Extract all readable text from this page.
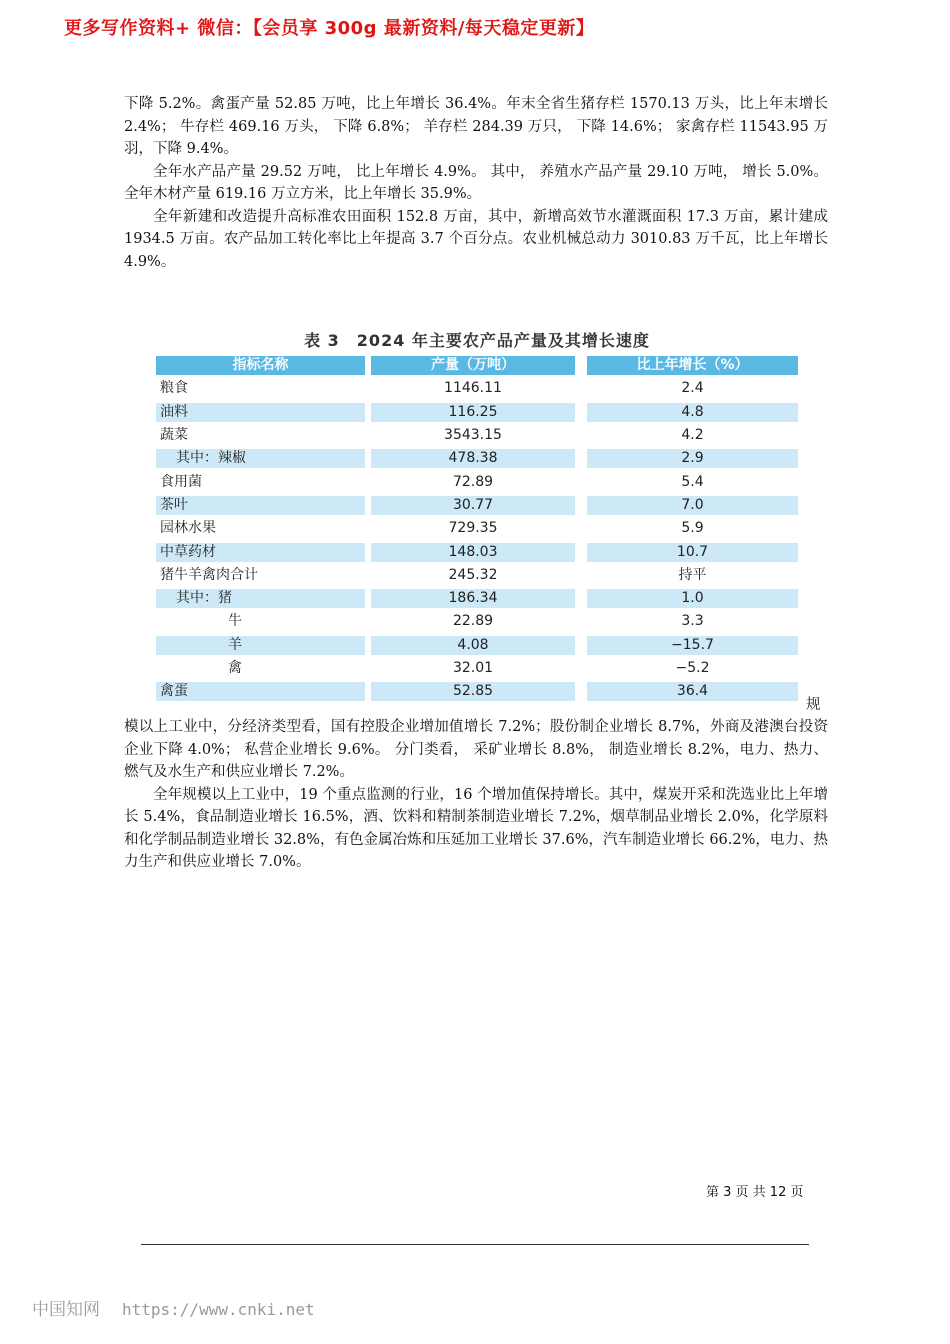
更多写作资料+ 微信：【会员享 300g 最新资料/每天稳定更新】

下降 5.2%。禽蛋产量 52.85 万吨，比上年增长 36.4%。年末全省生猪存栏 1570.13 万头，比上年末增长 2.4%； 牛存栏 469.16 万头， 下降 6.8%； 羊存栏 284.39 万只， 下降 14.6%； 家禽存栏 11543.95 万羽，下降 9.4%。

全年水产品产量 29.52 万吨， 比上年增长 4.9%。 其中， 养殖水产品产量 29.10 万吨， 增长 5.0%。全年木材产量 619.16 万立方米，比上年增长 35.9%。

全年新建和改造提升高标准农田面积 152.8 万亩，其中，新增高效节水灌溉面积 17.3 万亩，累计建成 1934.5 万亩。农产品加工转化率比上年提高 3.7 个百分点。农业机械总动力 3010.83 万千瓦，比上年增长 4.9%。

表 3　2024 年主要农产品产量及其增长速度
指标名称	产量（万吨）	比上年增长（%）
粮食	1146.11	2.4
油料	116.25	4.8
蔬菜	3543.15	4.2
其中：辣椒	478.38	2.9
食用菌	72.89	5.4
茶叶	30.77	7.0
园林水果	729.35	5.9
中草药材	148.03	10.7
猪牛羊禽肉合计	245.32	持平
其中：猪	186.34	1.0
牛	22.89	3.3
羊	4.08	−15.7
禽	32.01	−5.2
禽蛋	52.85	36.4
规

模以上工业中，分经济类型看，国有控股企业增加值增长 7.2%；股份制企业增长 8.7%，外商及港澳台投资企业下降 4.0%； 私营企业增长 9.6%。 分门类看， 采矿业增长 8.8%， 制造业增长 8.2%，电力、热力、燃气及水生产和供应业增长 7.2%。

全年规模以上工业中，19 个重点监测的行业，16 个增加值保持增长。其中，煤炭开采和洗选业比上年增长 5.4%，食品制造业增长 16.5%，酒、饮料和精制茶制造业增长 7.2%，烟草制品业增长 2.0%，化学原料和化学制品制造业增长 32.8%，有色金属冶炼和压延加工业增长 37.6%，汽车制造业增长 66.2%，电力、热力生产和供应业增长 7.0%。

第 3 页 共 12 页
中国知网 https://www.cnki.net
